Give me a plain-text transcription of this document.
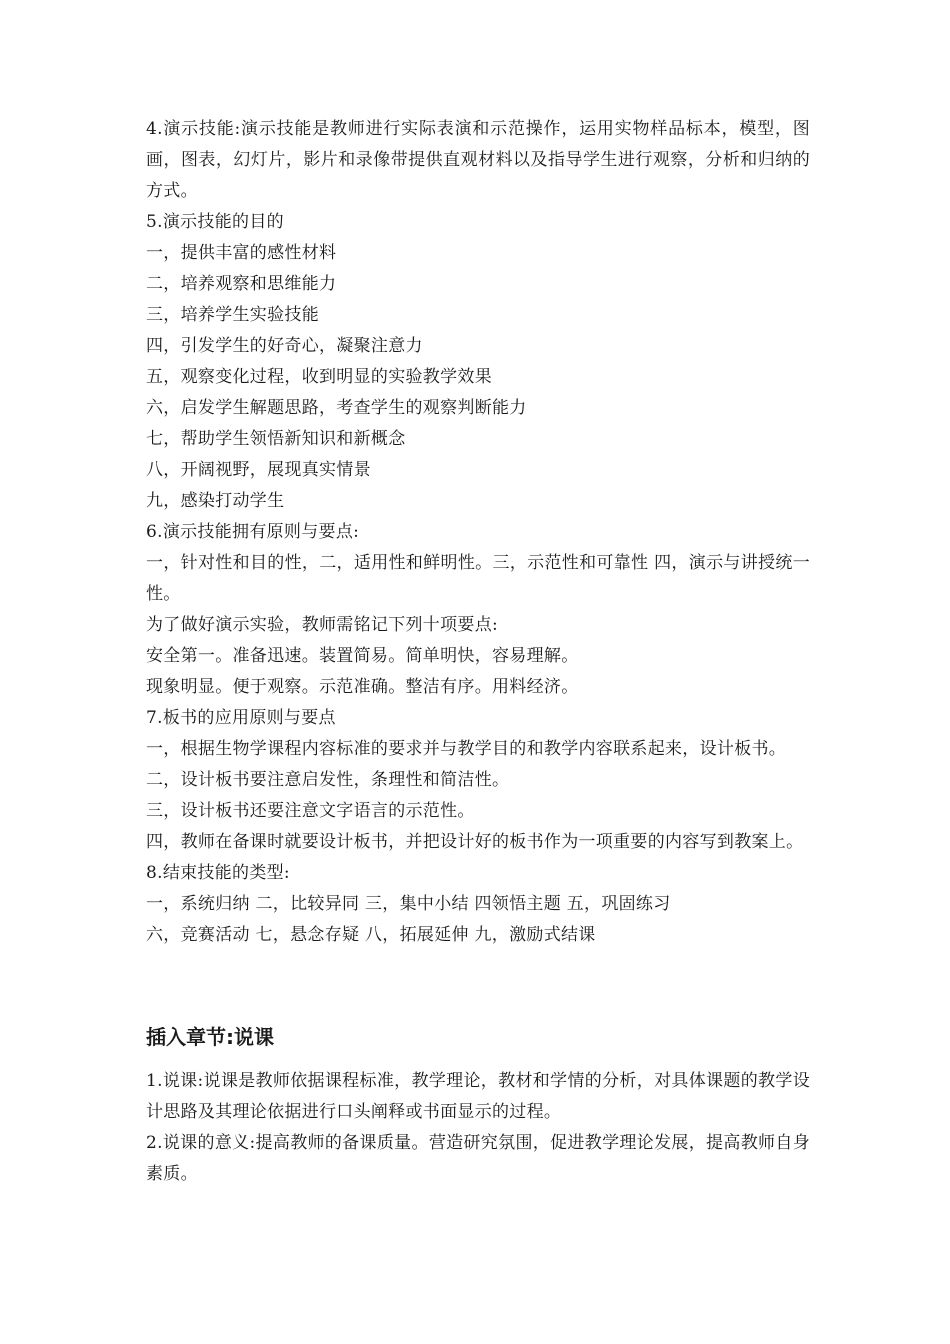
4.演示技能:演示技能是教师进行实际表演和示范操作，运用实物样品标本，模型，图画，图表，幻灯片，影片和录像带提供直观材料以及指导学生进行观察，分析和归纳的方式。

5.演示技能的目的

一，提供丰富的感性材料

二，培养观察和思维能力

三，培养学生实验技能

四，引发学生的好奇心，凝聚注意力

五，观察变化过程，收到明显的实验教学效果

六，启发学生解题思路，考查学生的观察判断能力

七，帮助学生领悟新知识和新概念

八，开阔视野，展现真实情景

九，感染打动学生

6.演示技能拥有原则与要点:

一，针对性和目的性，二，适用性和鲜明性。三，示范性和可靠性 四，演示与讲授统一性。

为了做好演示实验，教师需铭记下列十项要点:

安全第一。准备迅速。装置简易。简单明快，容易理解。

现象明显。便于观察。示范准确。整洁有序。用料经济。

7.板书的应用原则与要点

一，根据生物学课程内容标准的要求并与教学目的和教学内容联系起来，设计板书。

二，设计板书要注意启发性，条理性和简洁性。

三，设计板书还要注意文字语言的示范性。

四，教师在备课时就要设计板书，并把设计好的板书作为一项重要的内容写到教案上。

8.结束技能的类型:

一，系统归纳 二，比较异同 三，集中小结 四领悟主题 五，巩固练习

六，竞赛活动 七，悬念存疑 八，拓展延伸 九，激励式结课

插入章节:说课

1.说课:说课是教师依据课程标准，教学理论，教材和学情的分析，对具体课题的教学设计思路及其理论依据进行口头阐释或书面显示的过程。

2.说课的意义:提高教师的备课质量。营造研究氛围，促进教学理论发展，提高教师自身素质。
